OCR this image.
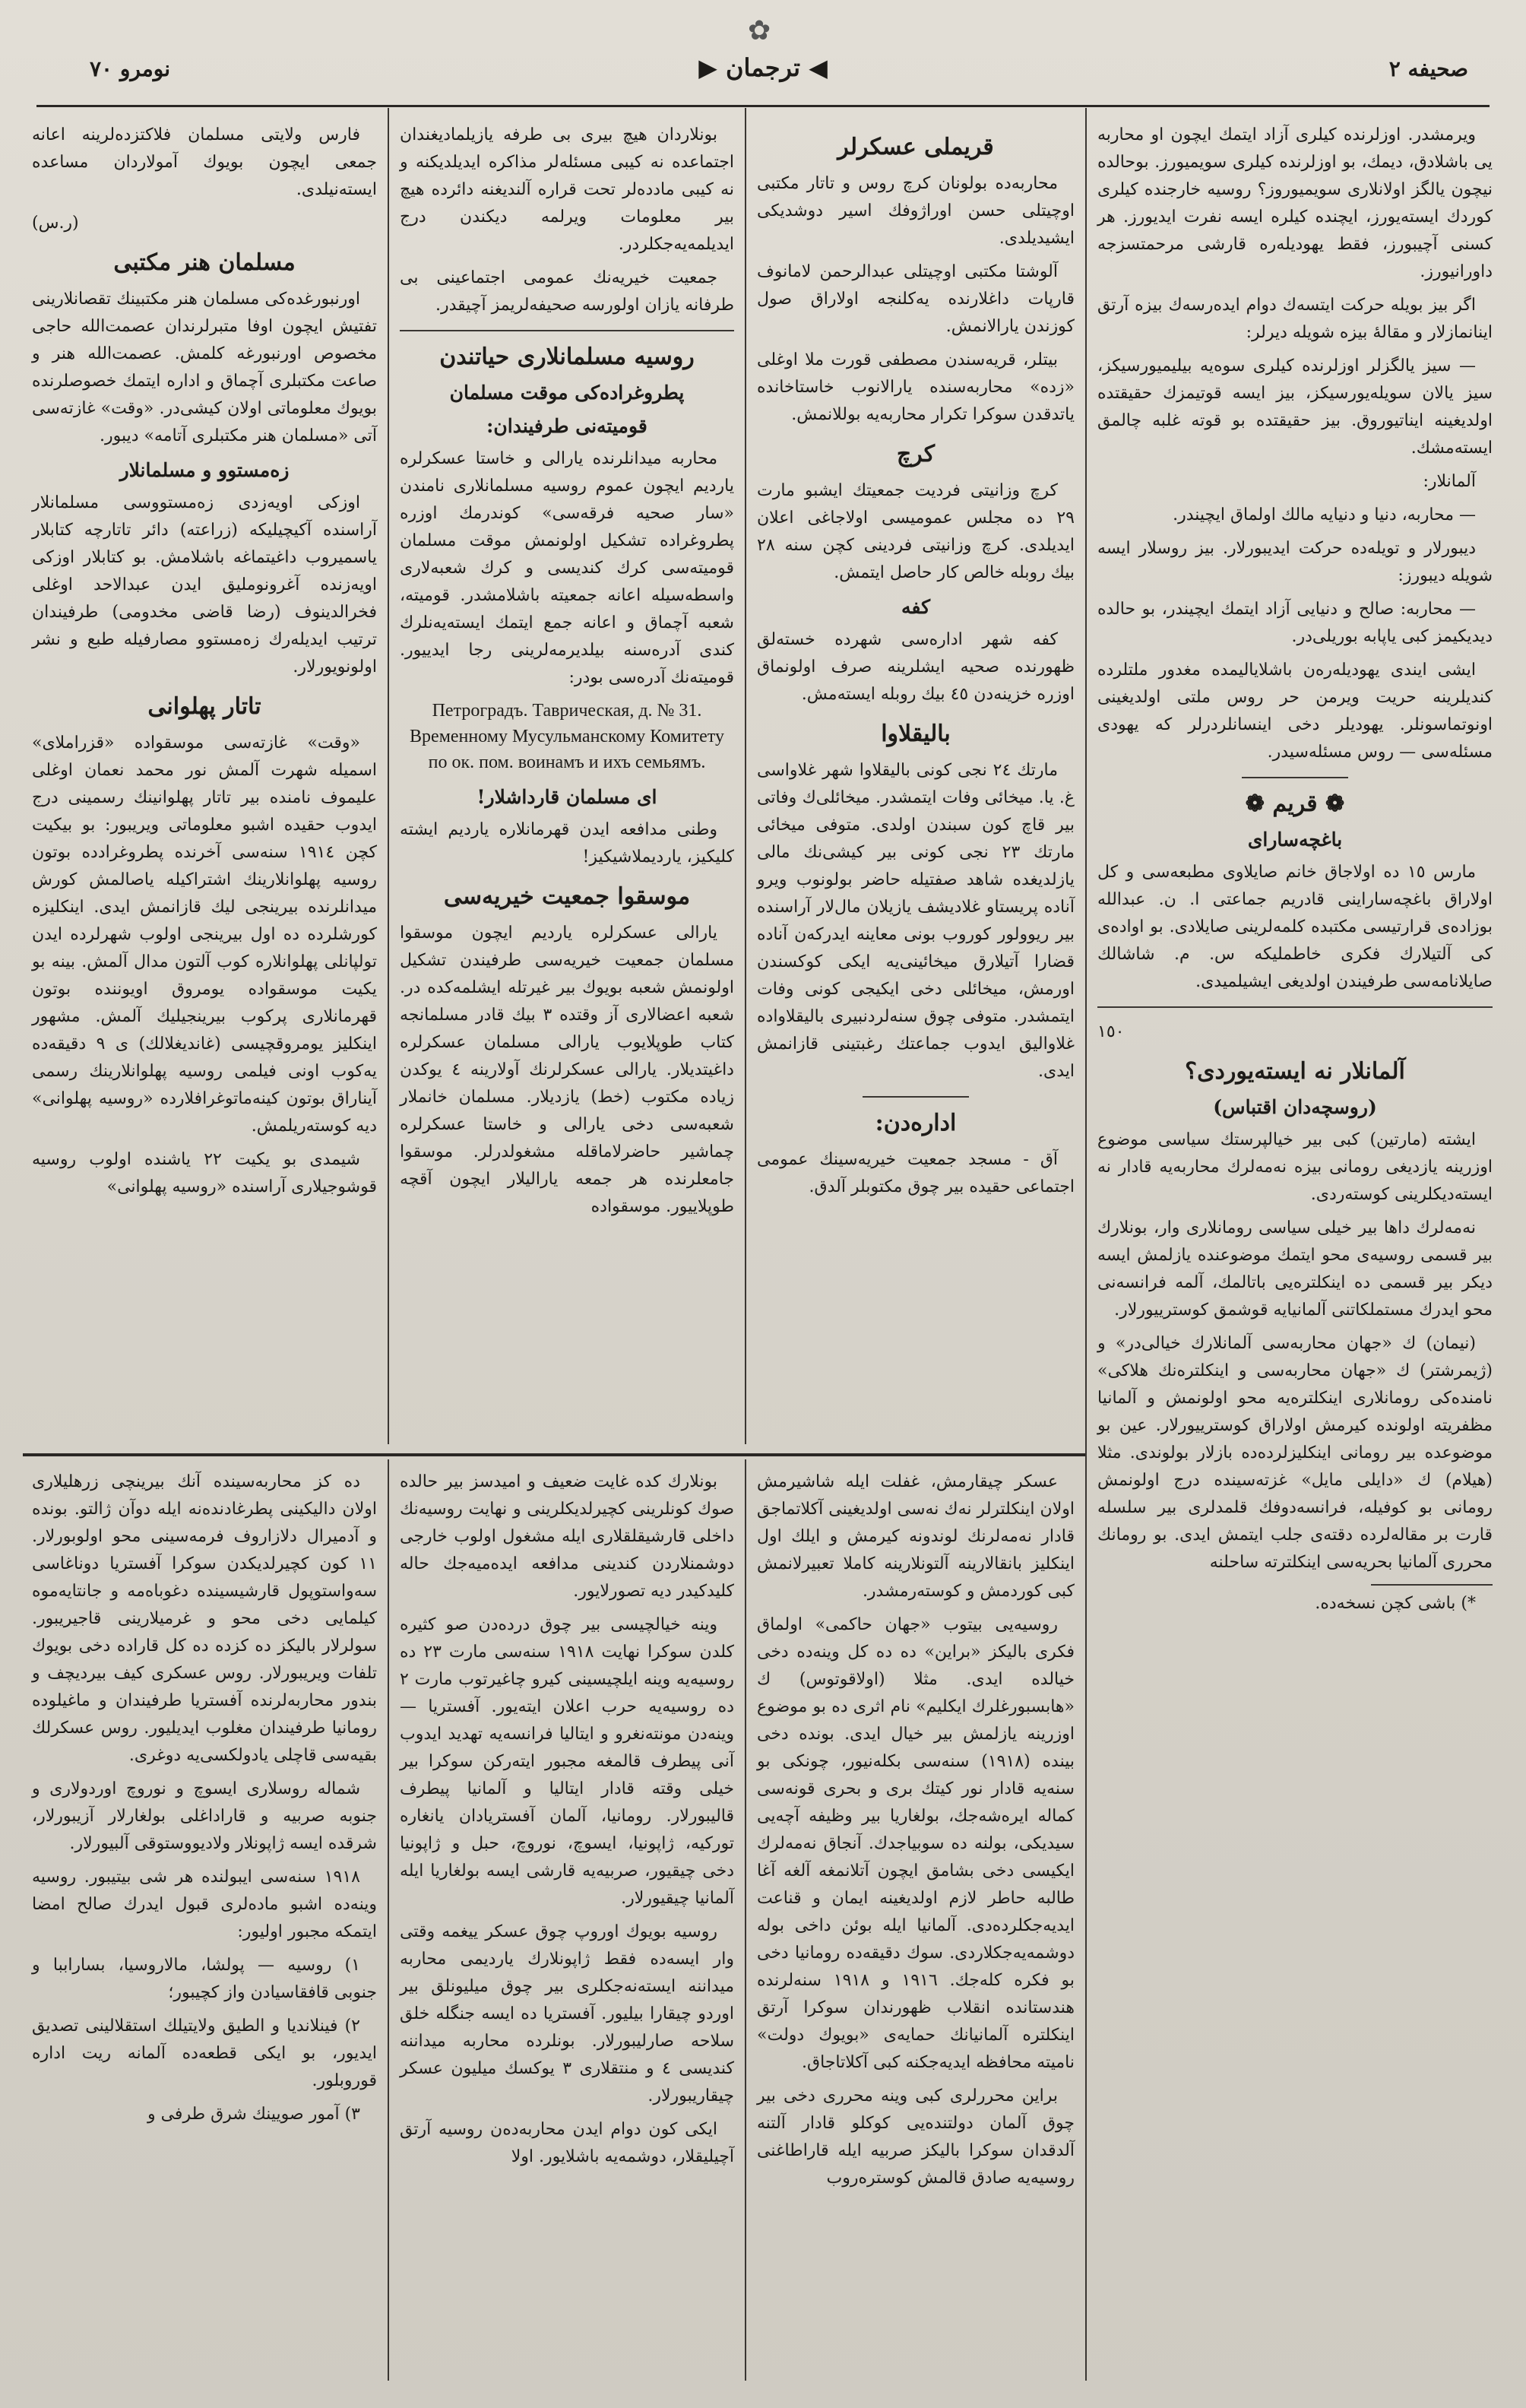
✿
نومرو ٧٠	◀ ترجمان ▶	صحیفه ٢

ویرمشدر. اوزلرنده کیلری آزاد ایتمك ایچون او محاربه یی باشلادق، دیمك، بو اوزلرنده کیلری سویمیورز. بوحالده نیچون یالگز اولانلاری سویمیوروز؟ روسیه خارجنده کیلری کوردك ایسته‌یورز، ایچنده کیلره ایسه نفرت ایدیورز. هر کسنی آچیبورز، فقط یهودیله‌ره قارشی مرحمتسزجه داورانیورز.

اگر بیز بویله حرکت ایتسه‌ك دوام ایده‌رسه‌ك بیزه آرتق اینانمازلار و مقالهٔ بیزه شویله دیرلر:

— سیز یالگزلر اوزلرنده کیلری سوه‌یه بیلیمیورسیکز، سیز یالان سویله‌یورسیکز، بیز ایسه قوتیمزك حقیقتده اولدیغینه ایناتیوروق. بیز حقیقتده بو قوته غلبه چالمق ایسته‌مشك.

آلمانلار:

— محاربه، دنیا و دنیایه مالك اولماق ایچیندر.

دیبورلار و تویله‌ده حرکت ایدیبورلار. بیز روسلار ایسه شویله دیبورز:

— محاربه: صالح و دنیایی آزاد ایتمك ایچیندر، بو حالده دیدیکیمز کبی یاپابه بوریلی‌در.

ایشی ایندی یهودیله‌ره‌ن باشلایالیمده مغدور ملتلرده کندیلرینه حریت ویرمن حر روس ملتی اولدیغینی اونوتماسونلر. یهودیلر دخی اینسانلردرلر که یهودی مسئله‌سی — روس مسئله‌سیدر.

❁ قریم ❁
باغچه‌سارای

مارس ١٥ ده اولاجاق خانم صایلاوی مطبعه‌سی و کل اولاراق باغچه‌ساراینی قادریم جماعتی ا. ن. عبدالله بوزاده‌ی قرارتیسی مکتبده کلمه‌لرینی صایلادی. بو اواده‌ی کی آلتیلارك فکری خاطملیکه س. م. شاشالك صایلانامه‌سی طرفیندن اولدیغی ایشیلمیدی.

١٥٠
آلمانلار نه ایسته‌یوردی؟
(روسچه‌دان اقتباس)

ایشته (مارتین) کبی بیر خیالپرستك سیاسی موضوع اوزرینه یازدیغی رومانی بیزه نه‌مه‌لرك محاربه‌یه قادار نه ایسته‌دیکلرینی کوسته‌ردی.

نه‌مه‌لرك داها بیر خیلی سیاسی رومانلاری وار، بونلارك بیر قسمی روسیه‌ی محو ایتمك موضوعنده یازلمش ایسه دیکر بیر قسمی ده اینکلتره‌یی باتالمك، آلمه فرانسه‌نی محو ایدرك مستملکاتنی آلمانیایه قوشمق کوسترییورلار.

(نیمان) ك «جهان محاربه‌سی آلمانلارك خیالی‌در» و (ژیمرشتر) ك «جهان محاربه‌سی و اینکلتره‌نك هلاکی» نامنده‌کی رومانلاری اینکلتره‌یه محو اولونمش و آلمانیا مظفریته اولونده کیرمش اولاراق کوسترییورلار. عین بو موضوعده بیر رومانی اینکلیزلرده‌ده بازلار بولوندی. مثلا (هیلام) ك «دایلی مایل» غزته‌سینده درج اولونمش رومانی بو کوفیله، فرانسه‌دوفك قلمدلری بیر سلسله قارت بر مقاله‌لرده دقته‌ی جلب ایتمش ایدی. بو رومانك محرری آلمانیا بحریه‌سی اینکلترته ساحلنه

*) باشی کچن نسخه‌ده.

قریملی عسکرلر

محاربه‌ده بولونان کرچ روس و تاتار مکتبی اوچیتلی حسن اوراژوفك اسیر دوشدیکی ایشیدیلدی.

آلوشتا مکتبی اوچیتلی عبدالرحمن لامانوف قارپات داغلارنده یه‌کلنجه اولاراق صول کوزندن یارالانمش.

بیتلر، قریه‌سندن مصطفی قورت ملا اوغلی «زده» محاربه‌سنده یارالانوب خاستاخانده یاتدقدن سوکرا تکرار محاربه‌یه بوللانمش.

کرچ

کرچ وزانیتی فردیت جمعیتك ایشبو مارت ٢٩ ده مجلس عمومیسی اولاجاغی اعلان ایدیلدی. کرچ وزانیتی فردینی کچن سنه ٢٨ بیك روبله خالص کار حاصل ایتمش.

کفه

کفه شهر اداره‌سی شهرده خسته‌لق ظهورنده صحیه ایشلرینه صرف اولونماق اوزره خزینه‌دن ٤٥ بیك روبله ایسته‌مش.

بالیقلاوا

مارتك ٢٤ نجی کونی بالیقلاوا شهر غلاواسی غ. یا. میخائی وفات ایتمشدر. میخائلی‌ك وفاتی بیر قاچ کون سبندن اولدی. متوفی میخائی مارتك ٢٣ نجی کونی بیر کیشی‌نك مالی یازلدیغده شاهد صفتیله حاضر بولونوب ویرو آناده پریستاو غلادیشف یازیلان مال‌لار آراسنده بیر ریوولور کوروب بونی معاینه ایدرکه‌ن آناده قضارا آتیلارق میخائینی‌یه ایکی کوکسندن اورمش، میخائلی دخی ایکیجی کونی وفات ایتمشدر. متوفی چوق سنه‌لردنبیری بالیقلاواده غلاوالیق ایدوب جماعتك رغبتینی قازانمش ایدی.

اداره‌دن:

آق - مسجد جمعیت خیریه‌سینك عمومی اجتماعی حقیده بیر چوق مکتوبلر آلدق.

بونلاردان هیچ بیری بی طرفه یازیلمادیغندان اجتماعده نه کیبی مسئله‌لر مذاکره ایدیلدیکنه و نه کیبی مادده‌لر تحت قراره آلندیغنه دائرده هیچ بیر معلومات ویرلمه دیکندن درج ایدیلمه‌یه‌جکلردر.

جمعیت خیریه‌نك عمومی اجتماعینی بی طرفانه یازان اولورسه صحیفه‌لریمز آچیقدر.

روسیه مسلمانلاری حیاتندن
پطروغراده‌کی موقت مسلمان
قومیته‌نی طرفیندان:

محاربه میدانلرنده یارالی و خاستا عسکرلره یاردیم ایچون عموم روسیه مسلمانلاری نامندن «سار صحیه فرقه‌سی» کوندرمك اوزره پطروغراده تشکیل اولونمش موقت مسلمان قومیته‌سی کرك کندیسی و کرك شعبه‌لاری واسطه‌سیله اعانه جمعیته باشلامشدر. قومیته، شعبه آچماق و اعانه جمع ایتمك ایسته‌یه‌نلرك کندی آدره‌سنه بیلدیرمه‌لرینی رجا ایدییور. قومیته‌نك آدره‌سی بودر:

Петроградъ. Таврическая, д. № 31.
Временному Мусульманскому Комитету
по ок. пом. воинамъ и ихъ семьямъ.
ای مسلمان قارداشلار!

وطنی مدافعه ایدن قهرمانلاره یاردیم ایشته کلیکیز، یاردیملاشیکیز!

موسقوا جمعیت خیریه‌سی

یارالی عسکرلره یاردیم ایچون موسقوا مسلمان جمعیت خیریه‌سی طرفیندن تشکیل اولونمش شعبه بویوك بیر غیرتله ایشلمه‌کده در. شعبه اعضالاری آز وقتده ٣ بیك قادر مسلمانجه کتاب طوپلایوب یارالی مسلمان عسکرلره داغیتدیلار. یارالی عسکرلرنك آولارینه ٤ یوکدن زیاده مکتوب (خط) یازدیلار. مسلمان خانملار شعبه‌سی دخی یارالی و خاستا عسکرلره چماشیر حاضرلاماقله مشغولدرلر. موسقوا جامعلرنده هر جمعه یارالیلار ایچون آقچه طوپلاییور. موسقواده

فارس ولایتی مسلمان فلاکتزده‌لرینه اعانه جمعی ایچون بویوك آمولاردان مساعده ایسته‌نیلدی.

(ر.س)
مسلمان هنر مکتبی

اورنبورغده‌کی مسلمان هنر مکتبینك تقصانلارینی تفتیش ایچون اوفا متبرلرندان عصمت‌الله حاجی مخصوص اورنبورغه کلمش. عصمت‌الله هنر و صاعت مکتبلری آچماق و اداره ایتمك خصوصلرنده بویوك معلوماتی اولان کیشی‌در. «وقت» غازته‌سی آتی «مسلمان هنر مکتبلری آتامه» دیبور.

زه‌مستوو و مسلمانلار

اوزکی اویه‌زدی زه‌مستووسی مسلمانلار آراسنده آکیچیلیکه (زراعته) دائر تاتارچه کتابلار یاسمیروب داغیتماغه باشلامش. بو کتابلار اوزکی اویه‌زنده آغرونوملیق ایدن عبدالاحد اوغلی فخرالدینوف (رضا قاضی مخدومی) طرفیندان ترتیب ایدیله‌رك زه‌مستوو مصارفیله طبع و نشر اولونویورلار.

تاتار پهلوانی

«وقت» غازته‌سی موسقواده «قزراملای» اسمیله شهرت آلمش نور محمد نعمان اوغلی علیموف نامنده بیر تاتار پهلوانینك رسمینی درج ایدوب حقیده اشبو معلوماتی ویریبور: بو بیکیت کچن ١٩١٤ سنه‌سی آخرنده پطروغرادده بوتون روسیه پهلوانلارینك اشتراکیله یاصالمش کورش میدانلرنده بیرینجی لیك قازانمش ایدی. اینکلیزه کورشلرده ده اول بیرینجی اولوب شهرلرده ایدن تولپانلی پهلوانلاره کوب آلتون مدال آلمش. بینه بو یکیت موسقواده یومروق اویوننده بوتون قهرمانلاری پرکوب بیرینجیلیك آلمش. مشهور اینکلیز یومروقچیسی (غاندیغلالك) ی ٩ دقیقه‌ده یه‌کوب اونی فیلمی روسیه پهلوانلارینك رسمی آیناراق بوتون کینه‌ماتوغرافلارده «روسیه پهلوانی» دیه کوسته‌ریلمش.

شیمدی بو یکیت ٢٢ یاشنده اولوب روسیه قوشوجیلاری آراسنده «روسیه پهلوانی»

عسکر چیقارمش، غفلت ایله شاشیرمش اولان اینکلترلر نه‌ك نه‌سی اولدیغینی آکلاتماجق قادار نه‌مه‌لرنك لوندونه کیرمش و ایلك اول اینکلیز بانقالارینه آلتونلارینه کاملا تعبیرلانمش کبی کوردمش و کوسته‌رمشدر.

روسیه‌یی بیتوب «جهان حاکمی» اولماق فکری بالیکز «براین» ده ده کل وینه‌ده دخی خیالده ایدی. مثلا (اولاقوتوس) ك «هابسبورغلرك ایکلیم» نام اثری ده بو موضوع اوزرینه یازلمش بیر خیال ایدی. بونده دخی بینده (١٩١٨) سنه‌سی بکله‌نیور، چونکی بو سنه‌یه قادار نور کیتك بری و بحری قونه‌سی کماله ایره‌شه‌جك، بولغاریا بیر وظیفه آچه‌یی سیدیکی، بولنه ده سوبیاجدك. آنجاق نه‌مه‌لرك ایکیسی دخی بشامق ایچون آتلانمغه آلغه آغا طالبه حاطر لازم اولدیغینه ایمان و قناعت ایدیه‌جکلرده‌دی. آلمانیا ایله بوئن داخی بوله دوشمه‌یه‌جکلاردی. سوك دقیقه‌ده رومانیا دخی بو فکره کله‌جك. ١٩١٦ و ١٩١٨ سنه‌لرنده هندستانده انقلاب ظهورندان سوکرا آرتق اینکلتره آلمانیانك حمایه‌ی «بویوك دولت» نامیته محافظه ایدیه‌جکنه کبی آکلاتاجاق.

براین محررلری کبی وینه محرری دخی بیر چوق آلمان دولتنده‌یی کوکلو قادار آلتنه آلدقدان سوکرا بالیکز صربیه ایله قاراطاغنی روسیه‌یه صادق قالمش کوستره‌روب

بونلارك کده غایت ضعیف و امیدسز بیر حالده صوك کونلرینی کچیرلدیکلرینی و نهایت روسیه‌نك داخلی قارشیقلقلاری ایله مشغول اولوب خارجی دوشمنلاردن کندینی مدافعه ایده‌میه‌جك حاله کلیدکیدر دیه تصورلایور.

وینه خیالچیسی بیر چوق درده‌دن صو کثیره کلدن سوکرا نهایت ١٩١٨ سنه‌سی مارت ٢٣ ده روسیه‌یه وینه ایلچیسینی کیرو چاغیرتوب مارت ٢ ده روسیه‌یه حرب اعلان ایته‌یور. آفستریا — وینه‌دن مونته‌نغرو و ایتالیا فرانسه‌یه تهدید ایدوب آنی پیطرف قالمغه مجبور ایته‌رکن سوکرا بیر خیلی وقته قادار ایتالیا و آلمانیا پیطرف قالیبورلار. رومانیا، آلمان آفستریادان یانغاره تورکیه، ژاپونیا، ایسوچ، نوروچ، حبل و ژاپونیا دخی چیقیور، صربیه‌یه قارشی ایسه بولغاریا ایله آلمانیا چیقیورلار.

روسیه بویوك اوروپ چوق عسکر ییغمه وقتی وار ایسه‌ده فقط ژاپونلارك یاردیمی محاربه میداننه ایسته‌نه‌جکلری بیر چوق میلیونلق بیر اوردو چیقارا بیلیور. آفستریا ده ایسه جنگله خلق سلاحه صارلیبورلار. بونلرده محاربه میداننه کندیسی ٤ و منتقلاری ٣ یوکسك میلیون عسکر چیقاریبورلار.

ایکی کون دوام ایدن محاربه‌ده‌ن روسیه آرتق آچیلیقلار، دوشمه‌یه باشلایور. اولا

ده کز محاربه‌سینده آنك بیرینچی زرهلیلاری اولان دالیکینی پطرغادنده‌نه ایله دوآن ژالتو. بونده و آدمیرال دلازاروف فرمه‌سینی محو اولوبورلار. ١١ کون کچیرلدیکدن سوکرا آفستریا دوناغاسی سه‌واستوپول قارشیسینده دغوباه‌مه و جانتایه‌موه کیلمایی دخی محو و غرمیلارینی قاجیریبور. سولرلار بالیکز ده کزده ده کل قاراده دخی بویوك تلفات ویریبورلار. روس عسکری کیف بیردیچف و بندور محاربه‌لرنده آفستریا طرفیندان و ماغیلوده رومانیا طرفیندان مغلوب ایدیلیور. روس عسکرلك بقیه‌سی قاچلی یادولکسی‌یه دوغری.

شماله روسلاری ایسوچ و نوروچ اوردولاری و جنوبه صربیه و قاراداغلی بولغارلار آزیبورلار، شرقده ایسه ژاپونلار ولادیووستوقی آلبیورلار.

١٩١٨ سنه‌سی ایبولنده هر شی بیتیبور. روسیه وینه‌ده اشبو ماده‌لری قبول ایدرك صالح امضا ایتمکه مجبور اولیور:

١) روسیه — پولشا، مالاروسیا، بساراببا و جنوبی قافقاسیادن واز کچیبور؛

٢) فینلاندیا و الطیق ولایتیلك استقلالینی تصدیق ایدیور، بو ایکی قطعه‌ده آلمانه ریت اداره قوروبلور.

٣) آمور صویینك شرق طرفی و
